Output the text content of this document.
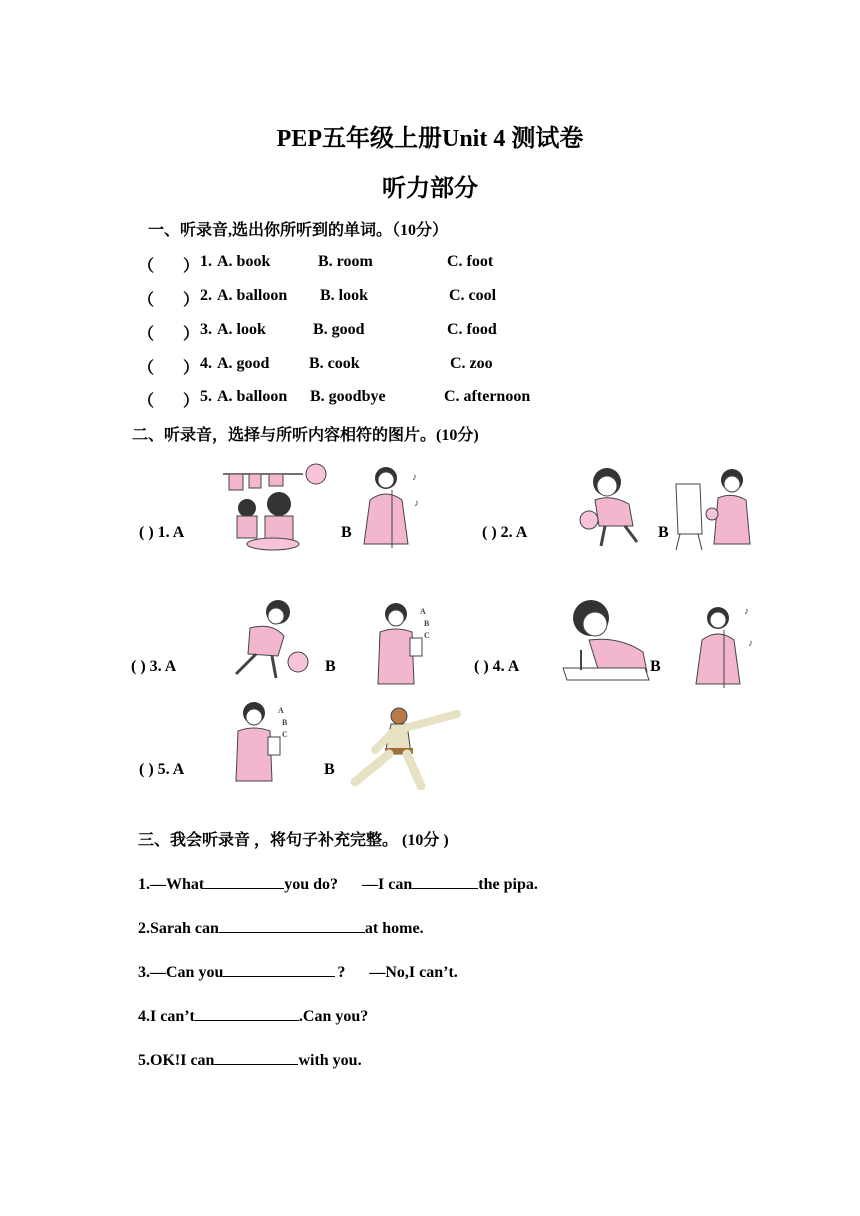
PEP五年级上册Unit 4 测试卷
听力部分
一、听录音,选出你所听到的单词。（10分）
（ ） 1. A. book	B. room	C. foot
（ ） 2. A. balloon B. look	C. cool
（ ） 3. A. look	B. good	C. food
（ ） 4. A. good B. cook	C. zoo
（ ） 5. A. balloon B. goodbye	C. afternoon
二、听录音，选择与所听内容相符的图片。(10分)
( ) 1. A	B
♪
♪
( ) 2. A	B
( ) 3. A	B
A
B
C
( ) 4. A	B
♪
♪
( ) 5. A
A
B
C
B
三、我会听录音 ，将句子补充完整。 (10分 )
1.—What	you do? —I can	the pipa.
2.Sarah can	at home.
3.—Can you	? —No,I can’t.
4.I can’t	.Can you?
5.OK!I can	with you.
